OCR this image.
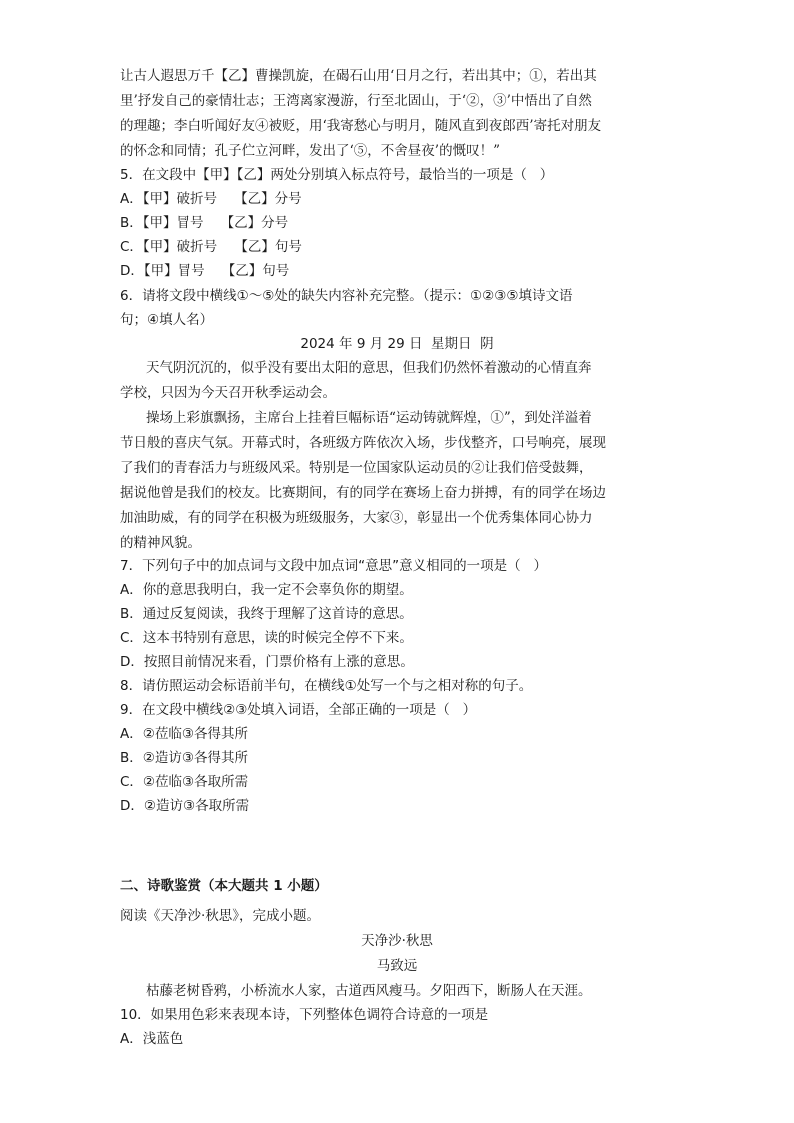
让古人遐思万千【乙】曹操凯旋，在碣石山用‘日月之行，若出其中；①，若出其
里’抒发自己的豪情壮志；王湾离家漫游，行至北固山，于‘②，③’中悟出了自然
的理趣；李白听闻好友④被贬，用‘我寄愁心与明月，随风直到夜郎西’寄托对朋友
的怀念和同情；孔子伫立河畔，发出了‘⑤，不舍昼夜’的慨叹！”
5．在文段中【甲】【乙】两处分别填入标点符号，最恰当的一项是（   ）
A．【甲】破折号    【乙】分号
B．【甲】冒号    【乙】分号
C．【甲】破折号    【乙】句号
D．【甲】冒号    【乙】句号
6．请将文段中横线①～⑤处的缺失内容补充完整。（提示：①②③⑤填诗文语
句；④填人名）
2024 年 9 月 29 日  星期日  阴
天气阴沉沉的，似乎没有要出太阳的意思，但我们仍然怀着激动的心情直奔
学校，只因为今天召开秋季运动会。
操场上彩旗飘扬，主席台上挂着巨幅标语“运动铸就辉煌，①”，到处洋溢着
节日般的喜庆气氛。开幕式时，各班级方阵依次入场，步伐整齐，口号响亮，展现
了我们的青春活力与班级风采。特别是一位国家队运动员的②让我们倍受鼓舞，
据说他曾是我们的校友。比赛期间，有的同学在赛场上奋力拼搏，有的同学在场边
加油助威，有的同学在积极为班级服务，大家③，彰显出一个优秀集体同心协力
的精神风貌。
7．下列句子中的加点词与文段中加点词“意思”意义相同的一项是（   ）
A．你的意思我明白，我一定不会辜负你的期望。
B．通过反复阅读，我终于理解了这首诗的意思。
C．这本书特别有意思，读的时候完全停不下来。
D．按照目前情况来看，门票价格有上涨的意思。
8．请仿照运动会标语前半句，在横线①处写一个与之相对称的句子。
9．在文段中横线②③处填入词语，全部正确的一项是（   ）
A．②莅临③各得其所
B．②造访③各得其所
C．②莅临③各取所需
D．②造访③各取所需
二、诗歌鉴赏（本大题共 1 小题）
阅读《天净沙·秋思》，完成小题。
天净沙·秋思
马致远
枯藤老树昏鸦，小桥流水人家，古道西风瘦马。夕阳西下，断肠人在天涯。
10．如果用色彩来表现本诗，下列整体色调符合诗意的一项是
A．浅蓝色
